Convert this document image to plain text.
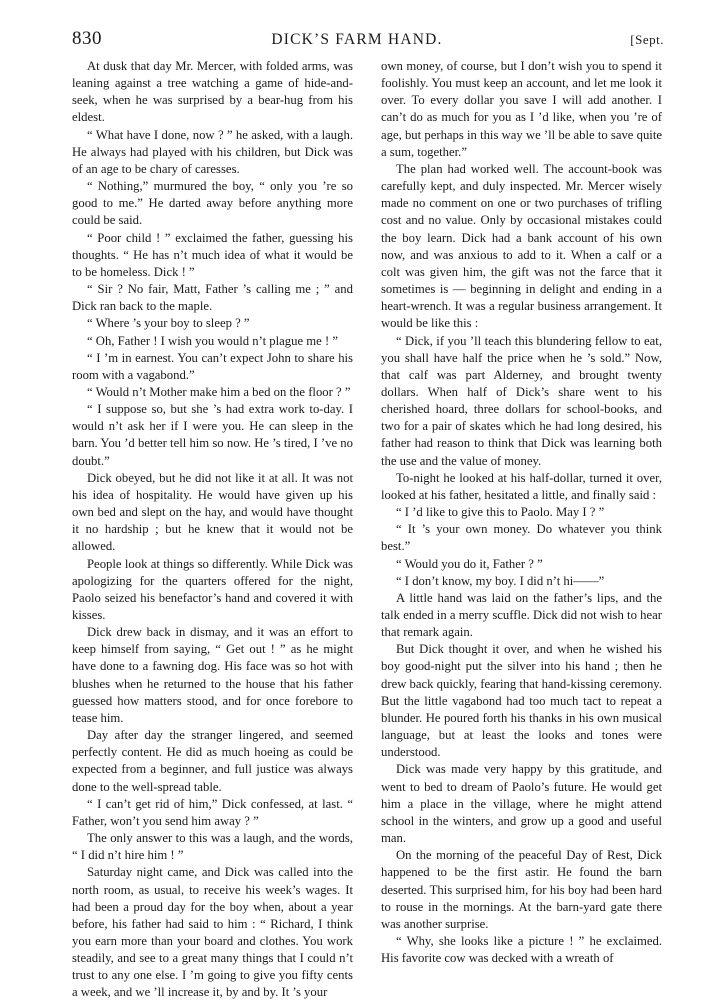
830	DICK’S FARM HAND.	[Sept.

At dusk that day Mr. Mercer, with folded arms, was leaning against a tree watching a game of hide-and-seek, when he was surprised by a bear-hug from his eldest.

“ What have I done, now ? ” he asked, with a laugh. He always had played with his children, but Dick was of an age to be chary of caresses.

“ Nothing,” murmured the boy, “ only you ’re so good to me.” He darted away before anything more could be said.

“ Poor child ! ” exclaimed the father, guessing his thoughts. “ He has n’t much idea of what it would be to be homeless. Dick ! ”

“ Sir ? No fair, Matt, Father ’s calling me ; ” and Dick ran back to the maple.

“ Where ’s your boy to sleep ? ”

“ Oh, Father ! I wish you would n’t plague me ! ”

“ I ’m in earnest. You can’t expect John to share his room with a vagabond.”

“ Would n’t Mother make him a bed on the floor ? ”

“ I suppose so, but she ’s had extra work to-day. I would n’t ask her if I were you. He can sleep in the barn. You ’d better tell him so now. He ’s tired, I ’ve no doubt.”

Dick obeyed, but he did not like it at all. It was not his idea of hospitality. He would have given up his own bed and slept on the hay, and would have thought it no hardship ; but he knew that it would not be allowed.

People look at things so differently. While Dick was apologizing for the quarters offered for the night, Paolo seized his benefactor’s hand and covered it with kisses.

Dick drew back in dismay, and it was an effort to keep himself from saying, “ Get out ! ” as he might have done to a fawning dog. His face was so hot with blushes when he returned to the house that his father guessed how matters stood, and for once forebore to tease him.

Day after day the stranger lingered, and seemed perfectly content. He did as much hoeing as could be expected from a beginner, and full justice was always done to the well-spread table.

“ I can’t get rid of him,” Dick confessed, at last. “ Father, won’t you send him away ? ”

The only answer to this was a laugh, and the words, “ I did n’t hire him ! ”

Saturday night came, and Dick was called into the north room, as usual, to receive his week’s wages. It had been a proud day for the boy when, about a year before, his father had said to him : “ Richard, I think you earn more than your board and clothes. You work steadily, and see to a great many things that I could n’t trust to any one else. I ’m going to give you fifty cents a week, and we ’ll increase it, by and by. It ’s your

own money, of course, but I don’t wish you to spend it foolishly. You must keep an account, and let me look it over. To every dollar you save I will add another. I can’t do as much for you as I ’d like, when you ’re of age, but perhaps in this way we ’ll be able to save quite a sum, together.”

The plan had worked well. The account-book was carefully kept, and duly inspected. Mr. Mercer wisely made no comment on one or two purchases of trifling cost and no value. Only by occasional mistakes could the boy learn. Dick had a bank account of his own now, and was anxious to add to it. When a calf or a colt was given him, the gift was not the farce that it sometimes is — beginning in delight and ending in a heart-wrench. It was a regular business arrangement. It would be like this :

“ Dick, if you ’ll teach this blundering fellow to eat, you shall have half the price when he ’s sold.” Now, that calf was part Alderney, and brought twenty dollars. When half of Dick’s share went to his cherished hoard, three dollars for school-books, and two for a pair of skates which he had long desired, his father had reason to think that Dick was learning both the use and the value of money.

To-night he looked at his half-dollar, turned it over, looked at his father, hesitated a little, and finally said :

“ I ’d like to give this to Paolo. May I ? ”

“ It ’s your own money. Do whatever you think best.”

“ Would you do it, Father ? ”

“ I don’t know, my boy. I did n’t hi——”

A little hand was laid on the father’s lips, and the talk ended in a merry scuffle. Dick did not wish to hear that remark again.

But Dick thought it over, and when he wished his boy good-night put the silver into his hand ; then he drew back quickly, fearing that hand-kissing ceremony. But the little vagabond had too much tact to repeat a blunder. He poured forth his thanks in his own musical language, but at least the looks and tones were understood.

Dick was made very happy by this gratitude, and went to bed to dream of Paolo’s future. He would get him a place in the village, where he might attend school in the winters, and grow up a good and useful man.

On the morning of the peaceful Day of Rest, Dick happened to be the first astir. He found the barn deserted. This surprised him, for his boy had been hard to rouse in the mornings. At the barn-yard gate there was another surprise.

“ Why, she looks like a picture ! ” he exclaimed. His favorite cow was decked with a wreath of
